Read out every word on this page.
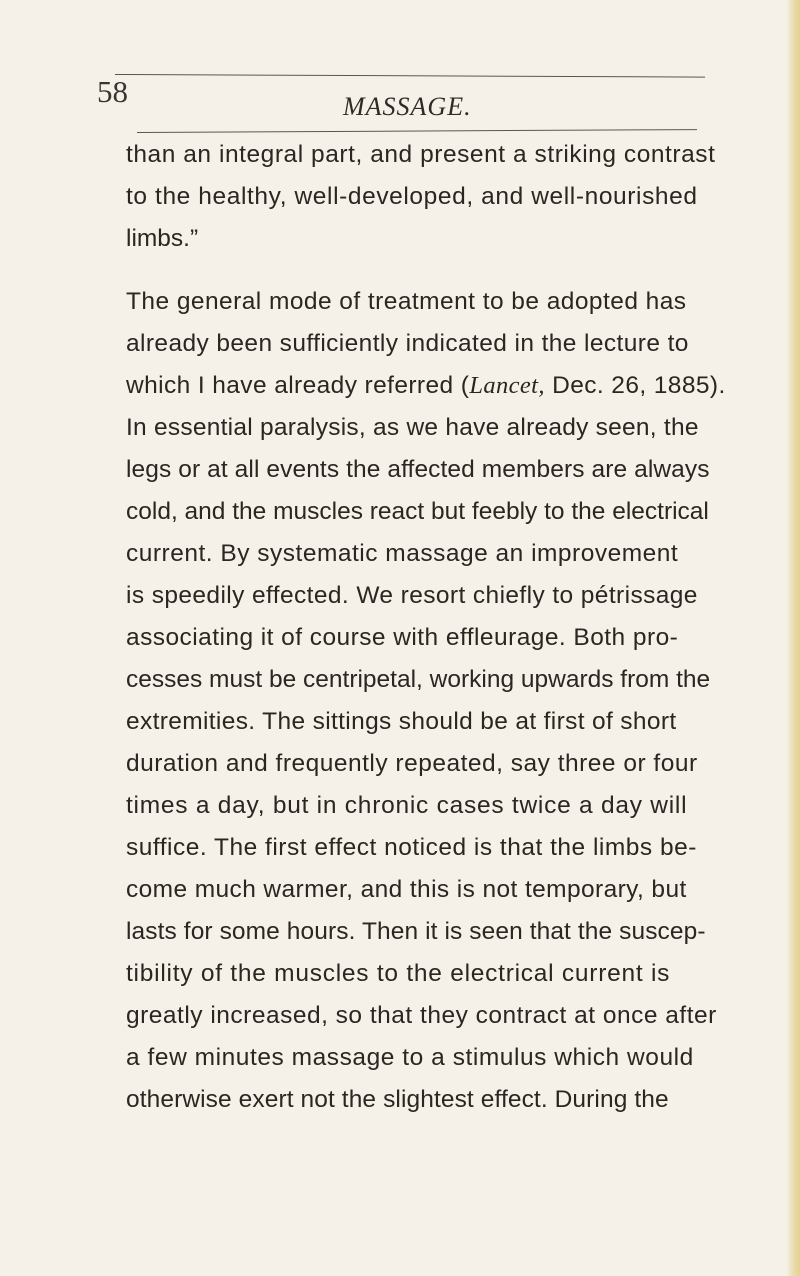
58	MASSAGE.
than an integral part, and present a striking contrast
to the healthy, well-developed, and well-nourished
limbs.”
The general mode of treatment to be adopted has
already been sufficiently indicated in the lecture to
which I have already referred (Lancet, Dec. 26, 1885).
In essential paralysis, as we have already seen, the
legs or at all events the affected members are always
cold, and the muscles react but feebly to the electrical
current. By systematic massage an improvement
is speedily effected. We resort chiefly to pétrissage
associating it of course with effleurage. Both pro-
cesses must be centripetal, working upwards from the
extremities. The sittings should be at first of short
duration and frequently repeated, say three or four
times a day, but in chronic cases twice a day will
suffice. The first effect noticed is that the limbs be-
come much warmer, and this is not temporary, but
lasts for some hours. Then it is seen that the suscep-
tibility of the muscles to the electrical current is
greatly increased, so that they contract at once after
a few minutes massage to a stimulus which would
otherwise exert not the slightest effect. During the
